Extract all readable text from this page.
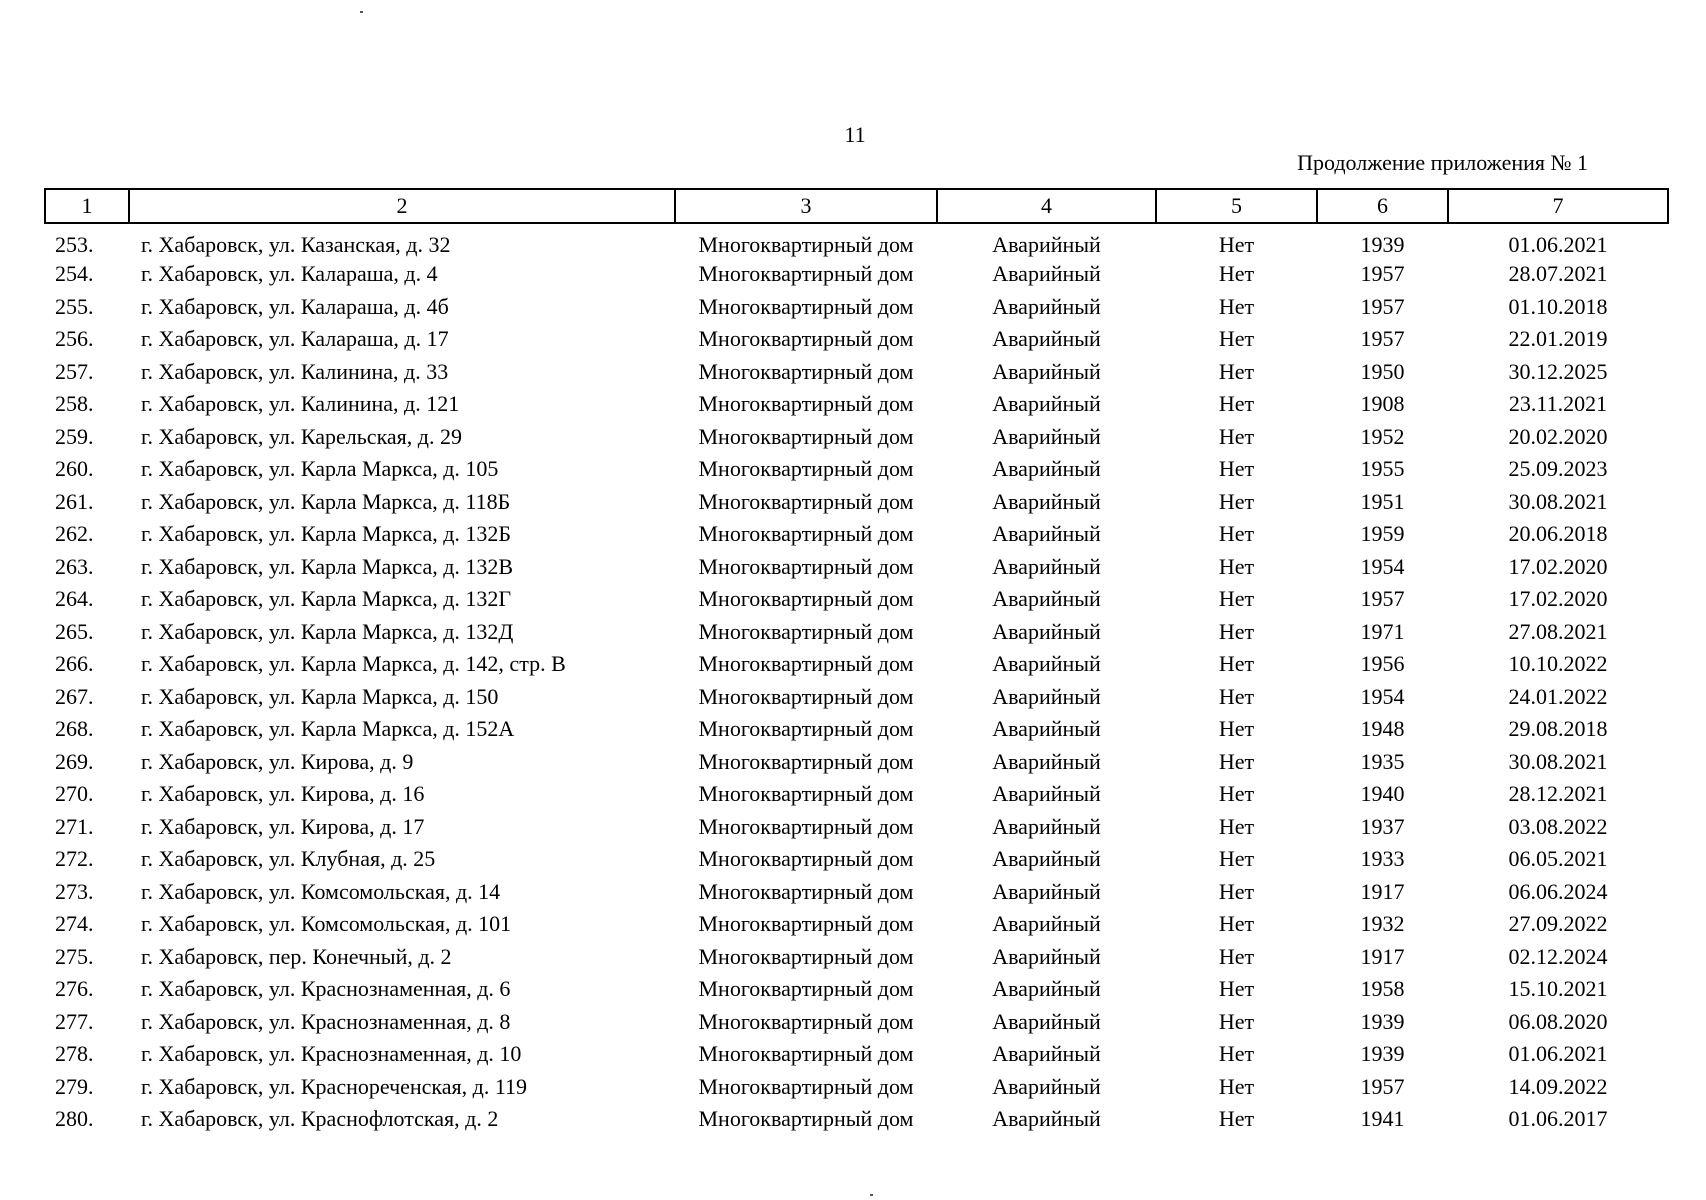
11
Продолжение приложения № 1
1	2	3	4	5	6	7
253.	г. Хабаровск, ул. Казанская, д. 32	Многоквартирный дом	Аварийный	Нет	1939	01.06.2021
254.	г. Хабаровск, ул. Калараша, д. 4	Многоквартирный дом	Аварийный	Нет	1957	28.07.2021
255.	г. Хабаровск, ул. Калараша, д. 4б	Многоквартирный дом	Аварийный	Нет	1957	01.10.2018
256.	г. Хабаровск, ул. Калараша, д. 17	Многоквартирный дом	Аварийный	Нет	1957	22.01.2019
257.	г. Хабаровск, ул. Калинина, д. 33	Многоквартирный дом	Аварийный	Нет	1950	30.12.2025
258.	г. Хабаровск, ул. Калинина, д. 121	Многоквартирный дом	Аварийный	Нет	1908	23.11.2021
259.	г. Хабаровск, ул. Карельская, д. 29	Многоквартирный дом	Аварийный	Нет	1952	20.02.2020
260.	г. Хабаровск, ул. Карла Маркса, д. 105	Многоквартирный дом	Аварийный	Нет	1955	25.09.2023
261.	г. Хабаровск, ул. Карла Маркса, д. 118Б	Многоквартирный дом	Аварийный	Нет	1951	30.08.2021
262.	г. Хабаровск, ул. Карла Маркса, д. 132Б	Многоквартирный дом	Аварийный	Нет	1959	20.06.2018
263.	г. Хабаровск, ул. Карла Маркса, д. 132В	Многоквартирный дом	Аварийный	Нет	1954	17.02.2020
264.	г. Хабаровск, ул. Карла Маркса, д. 132Г	Многоквартирный дом	Аварийный	Нет	1957	17.02.2020
265.	г. Хабаровск, ул. Карла Маркса, д. 132Д	Многоквартирный дом	Аварийный	Нет	1971	27.08.2021
266.	г. Хабаровск, ул. Карла Маркса, д. 142, стр. В	Многоквартирный дом	Аварийный	Нет	1956	10.10.2022
267.	г. Хабаровск, ул. Карла Маркса, д. 150	Многоквартирный дом	Аварийный	Нет	1954	24.01.2022
268.	г. Хабаровск, ул. Карла Маркса, д. 152А	Многоквартирный дом	Аварийный	Нет	1948	29.08.2018
269.	г. Хабаровск, ул. Кирова, д. 9	Многоквартирный дом	Аварийный	Нет	1935	30.08.2021
270.	г. Хабаровск, ул. Кирова, д. 16	Многоквартирный дом	Аварийный	Нет	1940	28.12.2021
271.	г. Хабаровск, ул. Кирова, д. 17	Многоквартирный дом	Аварийный	Нет	1937	03.08.2022
272.	г. Хабаровск, ул. Клубная, д. 25	Многоквартирный дом	Аварийный	Нет	1933	06.05.2021
273.	г. Хабаровск, ул. Комсомольская, д. 14	Многоквартирный дом	Аварийный	Нет	1917	06.06.2024
274.	г. Хабаровск, ул. Комсомольская, д. 101	Многоквартирный дом	Аварийный	Нет	1932	27.09.2022
275.	г. Хабаровск, пер. Конечный, д. 2	Многоквартирный дом	Аварийный	Нет	1917	02.12.2024
276.	г. Хабаровск, ул. Краснознаменная, д. 6	Многоквартирный дом	Аварийный	Нет	1958	15.10.2021
277.	г. Хабаровск, ул. Краснознаменная, д. 8	Многоквартирный дом	Аварийный	Нет	1939	06.08.2020
278.	г. Хабаровск, ул. Краснознаменная, д. 10	Многоквартирный дом	Аварийный	Нет	1939	01.06.2021
279.	г. Хабаровск, ул. Краснореченская, д. 119	Многоквартирный дом	Аварийный	Нет	1957	14.09.2022
280.	г. Хабаровск, ул. Краснофлотская, д. 2	Многоквартирный дом	Аварийный	Нет	1941	01.06.2017
